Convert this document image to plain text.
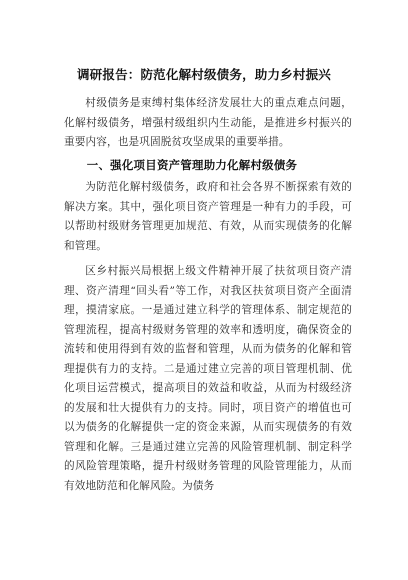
调研报告：防范化解村级债务，助力乡村振兴
村级债务是束缚村集体经济发展壮大的重点难点问题，化解村级债务，增强村级组织内生动能，是推进乡村振兴的重要内容，也是巩固脱贫攻坚成果的重要举措。
一、强化项目资产管理助力化解村级债务
为防范化解村级债务，政府和社会各界不断探索有效的解决方案。其中，强化项目资产管理是一种有力的手段，可以帮助村级财务管理更加规范、有效，从而实现债务的化解和管理。
区乡村振兴局根据上级文件精神开展了扶贫项目资产清理、资产清理“回头看”等工作，对我区扶贫项目资产全面清理，摸清家底。一是通过建立科学的管理体系、制定规范的管理流程，提高村级财务管理的效率和透明度，确保资金的流转和使用得到有效的监督和管理，从而为债务的化解和管理提供有力的支持。二是通过建立完善的项目管理机制、优化项目运营模式，提高项目的效益和收益，从而为村级经济的发展和壮大提供有力的支持。同时，项目资产的增值也可以为债务的化解提供一定的资金来源，从而实现债务的有效管理和化解。三是通过建立完善的风险管理机制、制定科学的风险管理策略，提升村级财务管理的风险管理能力，从而有效地防范和化解风险。为债务
